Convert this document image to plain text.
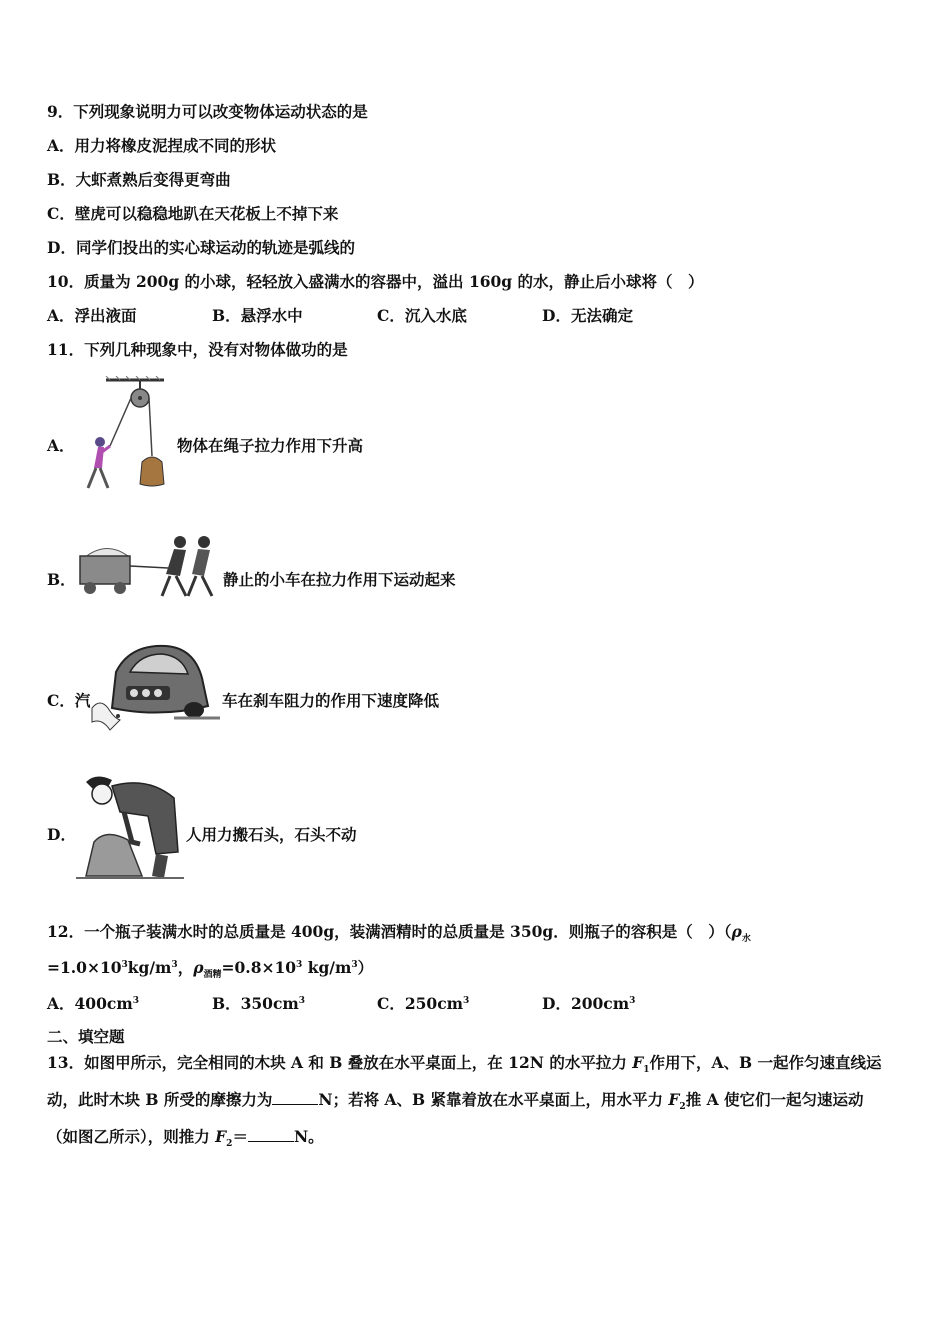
9．下列现象说明力可以改变物体运动状态的是
A．用力将橡皮泥捏成不同的形状
B．大虾煮熟后变得更弯曲
C．壁虎可以稳稳地趴在天花板上不掉下来
D．同学们投出的实心球运动的轨迹是弧线的
10．质量为 200g 的小球，轻轻放入盛满水的容器中，溢出 160g 的水，静止后小球将（　）
A．浮出液面	B．悬浮水中	C．沉入水底	D．无法确定
11．下列几种现象中，没有对物体做功的是
A．	物体在绳子拉力作用下升高
B．	静止的小车在拉力作用下运动起来
C．汽	车在刹车阻力的作用下速度降低
D．	人用力搬石头，石头不动
12．一个瓶子装满水时的总质量是 400g，装满酒精时的总质量是 350g．则瓶子的容积是（　）（$\rho_水$
$=1.0\times 10^3kg/m^3$，$\rho_{酒精}=0.8\times 10^3$ $kg/m^3$）
A．$400cm^3$	B．$350cm^3$	C．$250cm^3$	D．$200cm^3$
二、填空题
13．如图甲所示，完全相同的木块 A 和 B 叠放在水平桌面上，在 12N 的水平拉力 $F_1$作用下，A、B 一起作匀速直线运
动，此时木块 B 所受的摩擦力为	N；若将 A、B 紧靠着放在水平桌面上，用水平力 $F_2$推 A 使它们一起匀速运动
（如图乙所示），则推力 $F_2=$	N。
